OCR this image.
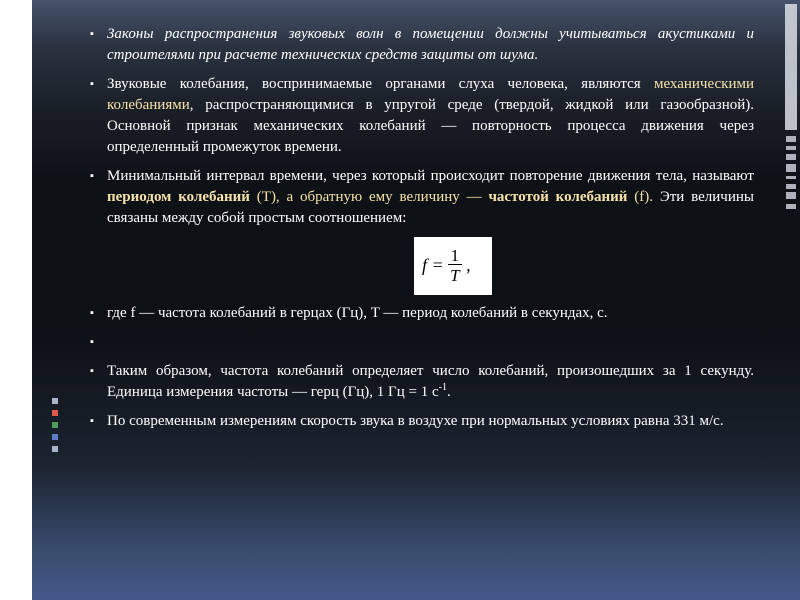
▪ Законы распространения звуковых волн в помещении должны учитываться акустиками и строителями при расчете технических средств защиты от шума.

▪ Звуковые колебания, воспринимаемые органами слуха человека, являются механическими колебаниями, распространяющимися в упругой среде (твердой, жидкой или газообразной). Основной признак механических колебаний — повторность процесса движения через определенный промежуток времени.

▪ Минимальный интервал времени, через который происходит повторение движения тела, называют периодом колебаний (T), а обратную ему величину — частотой колебаний (f). Эти величины связаны между собой простым соотношением:

$f = \frac{1}{T}$ ,

▪ где f — частота колебаний в герцах (Гц), T — период колебаний в секундах, с.

▪

▪ Таким образом, частота колебаний определяет число колебаний, произошедших за 1 секунду. Единица измерения частоты — герц (Гц), 1 Гц = 1 $с^{-1}$.

▪ По современным измерениям скорость звука в воздухе при нормальных условиях равна 331 м/с.
